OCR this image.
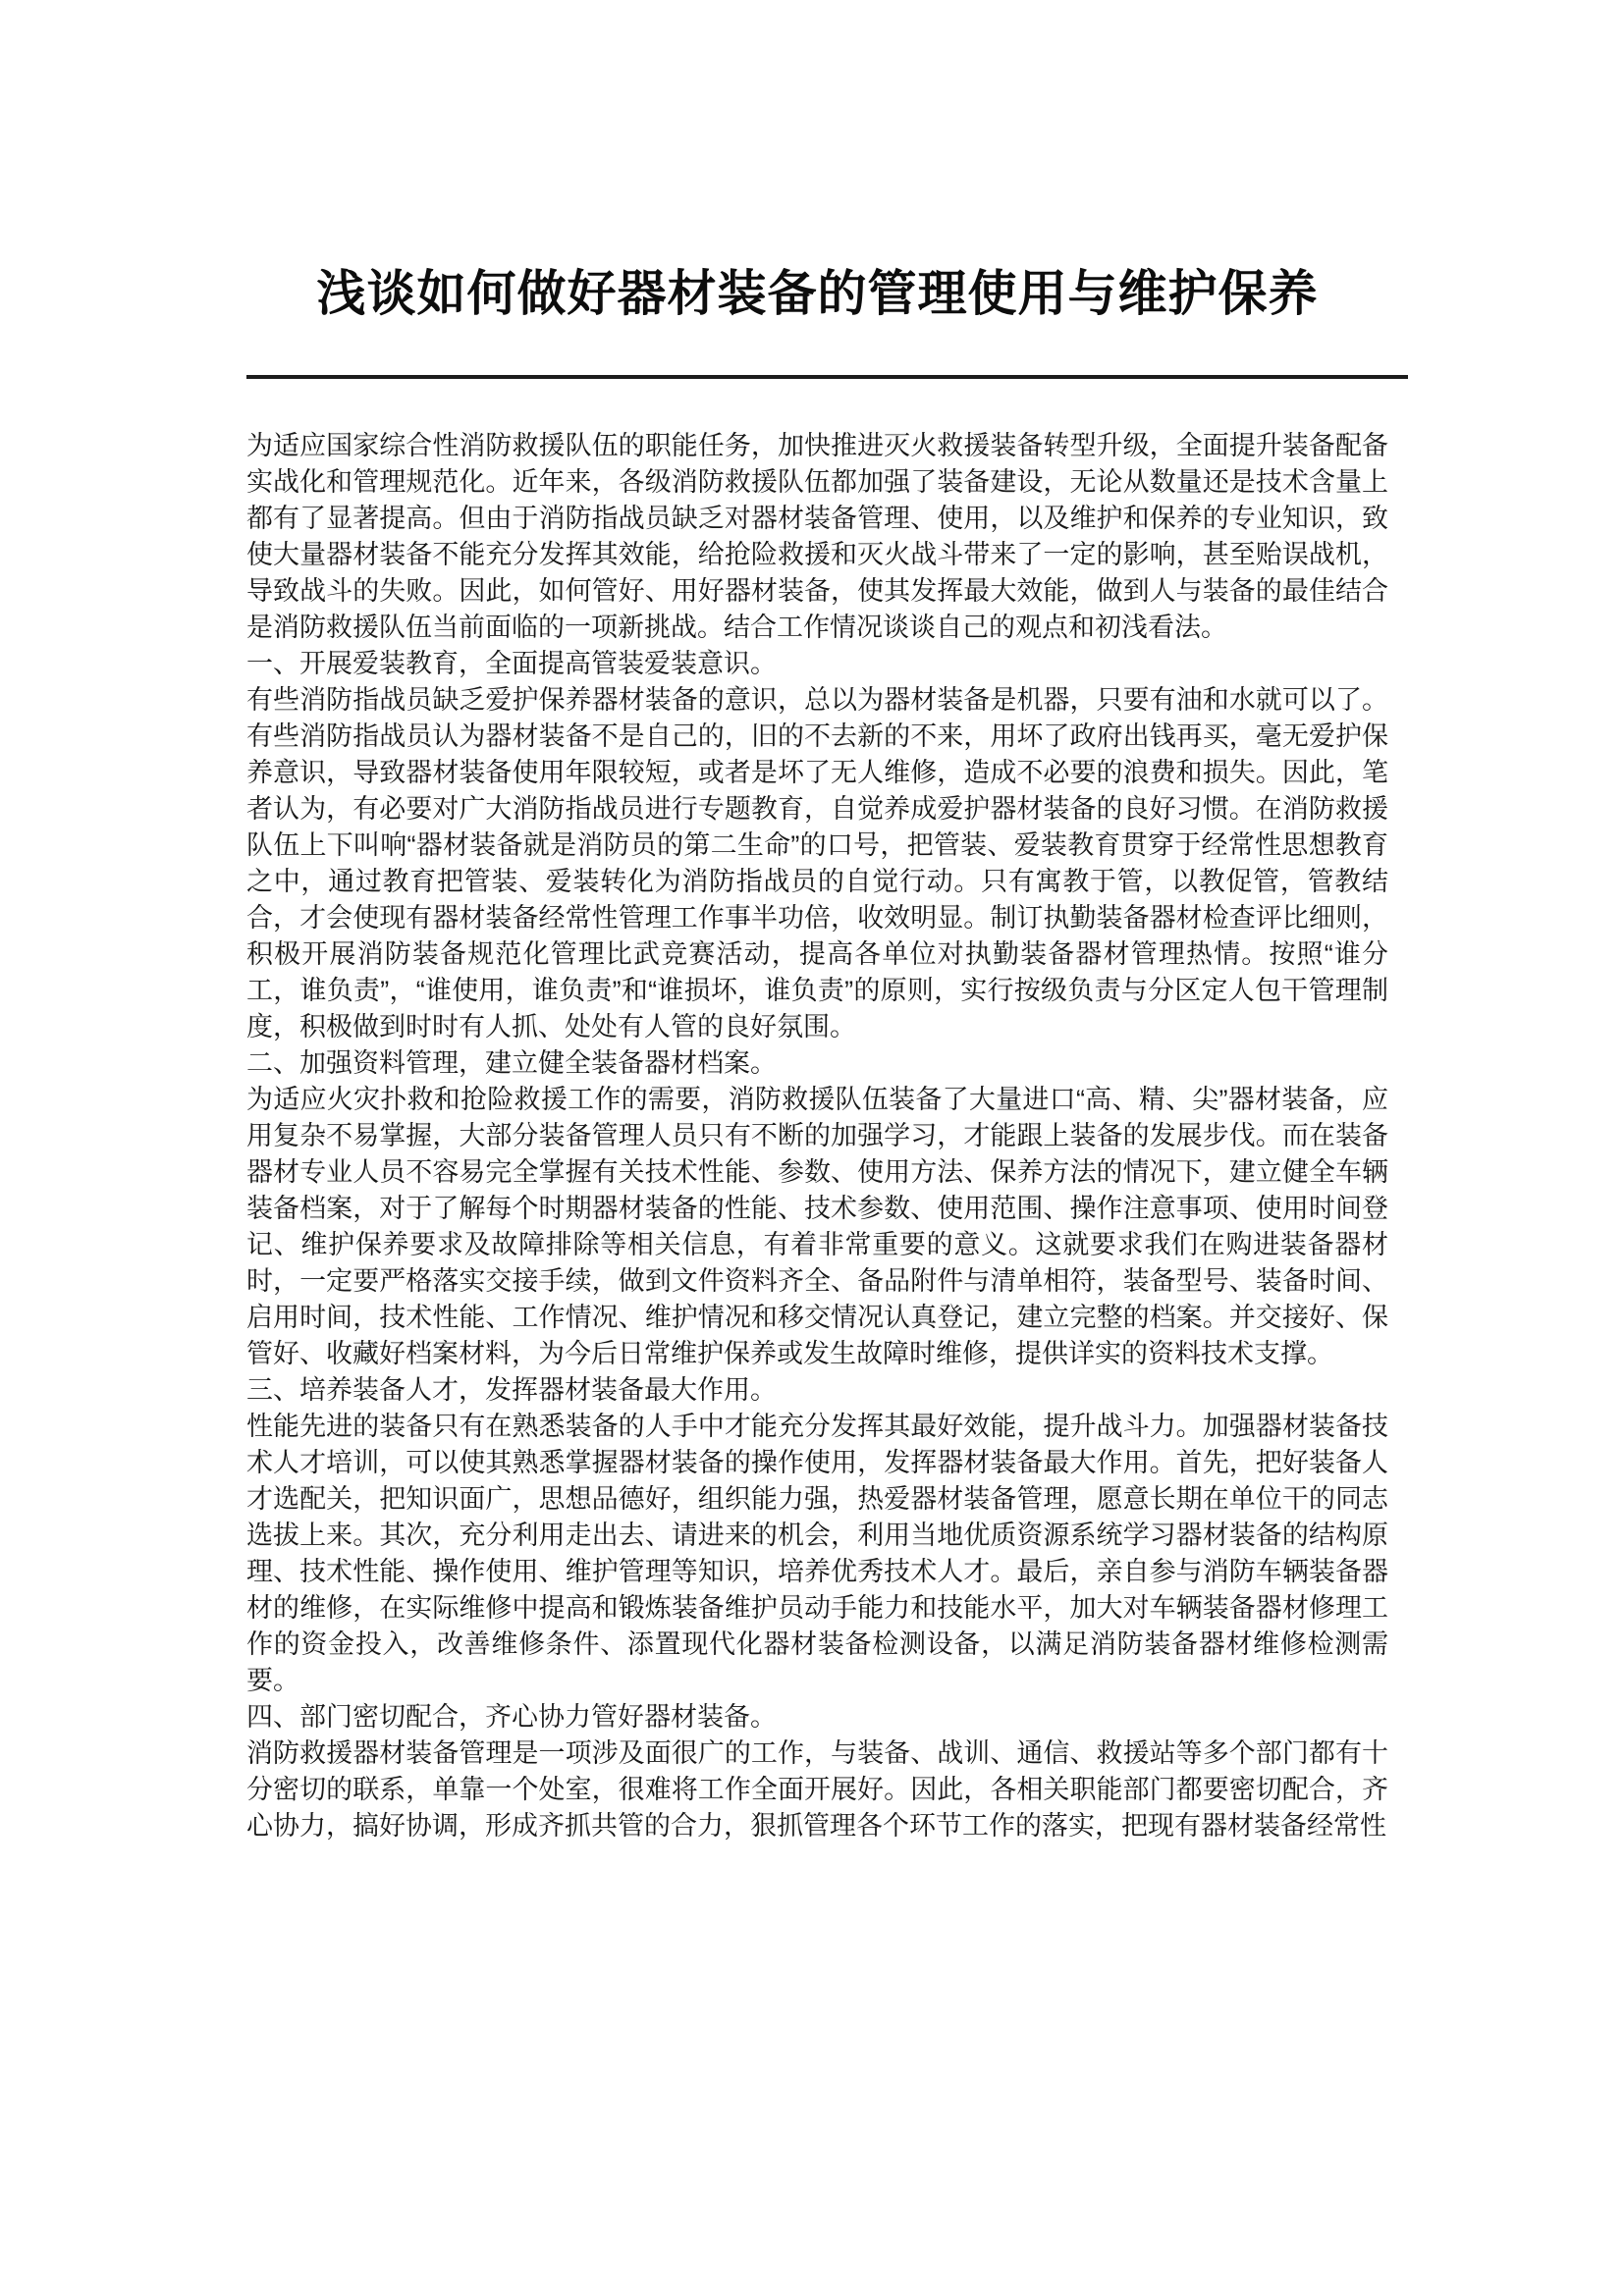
浅谈如何做好器材装备的管理使用与维护保养

为适应国家综合性消防救援队伍的职能任务，加快推进灭火救援装备转型升级，全面提升装备配备实战化和管理规范化。近年来，各级消防救援队伍都加强了装备建设，无论从数量还是技术含量上都有了显著提高。但由于消防指战员缺乏对器材装备管理、使用，以及维护和保养的专业知识，致使大量器材装备不能充分发挥其效能，给抢险救援和灭火战斗带来了一定的影响，甚至贻误战机，导致战斗的失败。因此，如何管好、用好器材装备，使其发挥最大效能，做到人与装备的最佳结合是消防救援队伍当前面临的一项新挑战。结合工作情况谈谈自己的观点和初浅看法。

一、开展爱装教育，全面提高管装爱装意识。

有些消防指战员缺乏爱护保养器材装备的意识，总以为器材装备是机器，只要有油和水就可以了。有些消防指战员认为器材装备不是自己的，旧的不去新的不来，用坏了政府出钱再买，毫无爱护保养意识，导致器材装备使用年限较短，或者是坏了无人维修，造成不必要的浪费和损失。因此，笔者认为，有必要对广大消防指战员进行专题教育，自觉养成爱护器材装备的良好习惯。在消防救援队伍上下叫响“器材装备就是消防员的第二生命”的口号，把管装、爱装教育贯穿于经常性思想教育之中，通过教育把管装、爱装转化为消防指战员的自觉行动。只有寓教于管，以教促管，管教结合，才会使现有器材装备经常性管理工作事半功倍，收效明显。制订执勤装备器材检查评比细则，积极开展消防装备规范化管理比武竞赛活动，提高各单位对执勤装备器材管理热情。按照“谁分工，谁负责”，“谁使用，谁负责”和“谁损坏，谁负责”的原则，实行按级负责与分区定人包干管理制度，积极做到时时有人抓、处处有人管的良好氛围。

二、加强资料管理，建立健全装备器材档案。

为适应火灾扑救和抢险救援工作的需要，消防救援队伍装备了大量进口“高、精、尖”器材装备，应用复杂不易掌握，大部分装备管理人员只有不断的加强学习，才能跟上装备的发展步伐。而在装备器材专业人员不容易完全掌握有关技术性能、参数、使用方法、保养方法的情况下，建立健全车辆装备档案，对于了解每个时期器材装备的性能、技术参数、使用范围、操作注意事项、使用时间登记、维护保养要求及故障排除等相关信息，有着非常重要的意义。这就要求我们在购进装备器材时，一定要严格落实交接手续，做到文件资料齐全、备品附件与清单相符，装备型号、装备时间、启用时间，技术性能、工作情况、维护情况和移交情况认真登记，建立完整的档案。并交接好、保管好、收藏好档案材料，为今后日常维护保养或发生故障时维修，提供详实的资料技术支撑。

三、培养装备人才，发挥器材装备最大作用。

性能先进的装备只有在熟悉装备的人手中才能充分发挥其最好效能，提升战斗力。加强器材装备技术人才培训，可以使其熟悉掌握器材装备的操作使用，发挥器材装备最大作用。首先，把好装备人才选配关，把知识面广，思想品德好，组织能力强，热爱器材装备管理，愿意长期在单位干的同志选拔上来。其次，充分利用走出去、请进来的机会，利用当地优质资源系统学习器材装备的结构原理、技术性能、操作使用、维护管理等知识，培养优秀技术人才。最后，亲自参与消防车辆装备器材的维修，在实际维修中提高和锻炼装备维护员动手能力和技能水平，加大对车辆装备器材修理工作的资金投入，改善维修条件、添置现代化器材装备检测设备，以满足消防装备器材维修检测需要。

四、部门密切配合，齐心协力管好器材装备。

消防救援器材装备管理是一项涉及面很广的工作，与装备、战训、通信、救援站等多个部门都有十分密切的联系，单靠一个处室，很难将工作全面开展好。因此，各相关职能部门都要密切配合，齐心协力，搞好协调，形成齐抓共管的合力，狠抓管理各个环节工作的落实，把现有器材装备经常性
